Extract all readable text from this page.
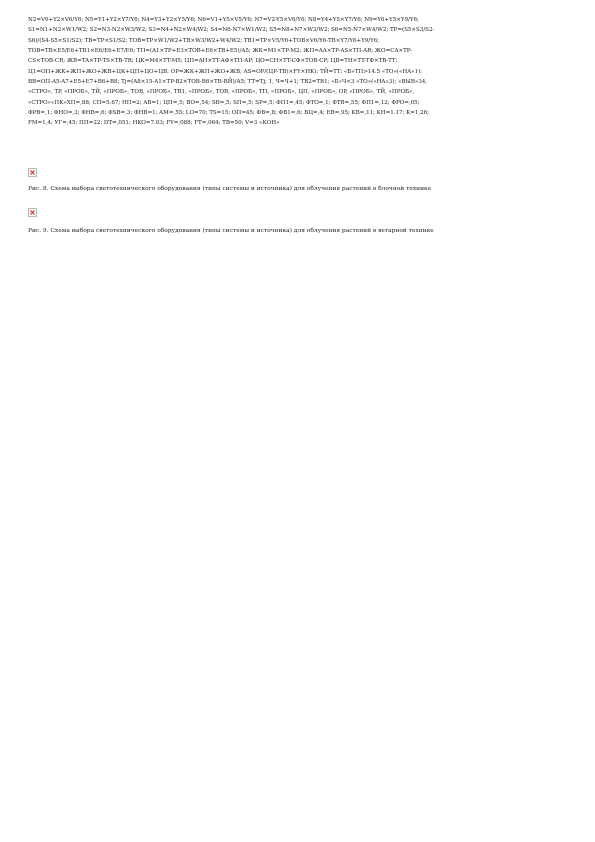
N2=V6+Y2×V6/Y6; N5=Y1+Y2×Y7/Y6; N4=Y3+Y2×Y5/Y6; N6=V1+Y5×V5/Y6; N7=V2-Y5×V6/Y6; N8=Y4+Y5×Y7/Y6; N9=Y6+Y5×Y9/Y6;
S1=N1+N2×W1/W2; S2=N3-N2×W3/W2; S3=N4+N2×W4/W2; S4=N6-N7×W1/W2; S5=N8+N7×W3/W2; S6=N5-N7×W4/W2; TP=(S5×S3/S2-
S6)/(S4-S5×S1/S2); TB=TP×S1/S2; TOB=TP×W1/W2+TB×W3/W2+W4/W2; TB1=TP×V5/Y6+TOB×V6/Y6-TB×Y7/Y6+Y9/Y6;
TOB=TB×E5/E6+TB1×E6/E6+E7/E6; TП=(A1×TP+E3×TOB+E6×TB+E5)/A5; ЖК=M1×TP-M2; ЖП=AA×TP-AS×TП-AR; ЖО=CA×TP-
CS×TOB-CR; ЖB=TA×TP-TS×TB-TR; ЦК=M4×TT-M5; ЦП=AH×TT-AФ×TП-AP; ЦО=CH×TT-CФ×TOB-CP; ЦB=TH×TT-TФ×TB-TT;
Ц1=ОП+ЖК+ЖП+ЖО+ЖB+ЦК+ЦП+ЦО+ЦB; OP=ЖК+ЖП+ЖО+ЖB; AS=OP/(ЦР-ТВ)×FY×HK); TЙ=TT; «Б»TП>14.5 «TO»(«HA»1);
BB=OП-A5-A7+E5+E7+B6+B8; Tj=(A8×15-A1×TP-B2×TOB-B6×TB-BЙ)/A5; TT=Tj; 1, Ч=Ч+1; TB2=TB1; «Б»Ч<3 «TO»(«HA»3); «ВЫВ»34,
«СТРО», TP, «ПРОБ», TЙ, «ПРОБ», TOB, «ПРОБ», TB1, «ПРОБ», TOB, «ПРОБ», TП, «ПРОБ», ЦП, «ПРОБ», OP, «ПРОБ», TЙ, «ПРОБ»,
«СТРО»«ПК»XП=,88; CП=5.67; HП=2; AB=1; ЦП=,5; BO=,54; SB=,5; SП=,5; SP=,5; ФП1=,45; ФTO=,1; ФTB=,55; ФП1=,12; ФPO=,05;
ФPB=,1; ФHO=,3; ФHB=,6; ФSB=,3; ФHB=1; AM=,55; LO=70; TS=15; OП=45; ФB=,8; ФB1=,6; BЦ=,4; EB=,95; KB=,11; KH=1.17; K=1,26;
FM=1,4; УГ=,45; ПП=22; DT=,051; HKO=7.03; FY=,088; FT=,064; TB=50; V=3 «КОН»
Рис. 8. Схема выбора светотехнического оборудования (типы системы и источника) для облучения растений в блочной технике
Рис. 9. Схема выбора светотехнического оборудования (типы системы и источника) для облучения растений в ветарной технике
